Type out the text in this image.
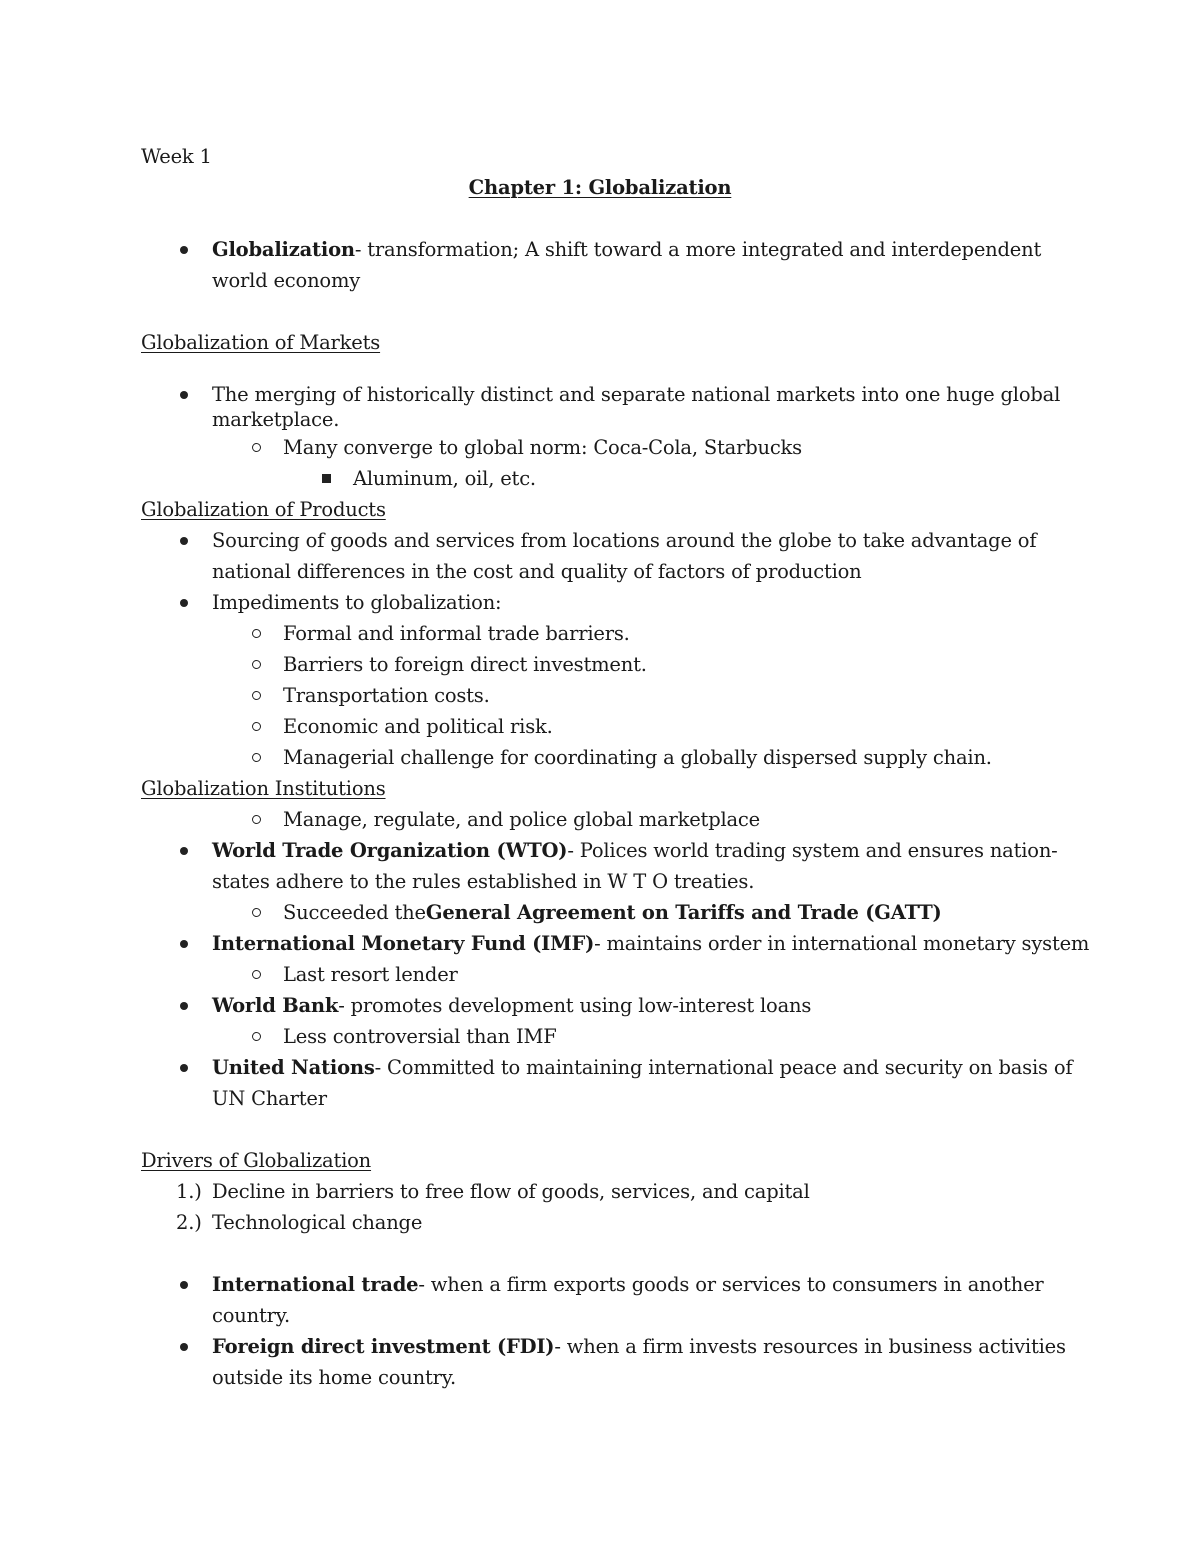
Week 1
Chapter 1: Globalization
Globalization- transformation; A shift toward a more integrated and interdependent
world economy
Globalization of Markets
The merging of historically distinct and separate national markets into one huge global
marketplace.
Many converge to global norm: Coca-Cola, Starbucks
Aluminum, oil, etc.
Globalization of Products
Sourcing of goods and services from locations around the globe to take advantage of
national differences in the cost and quality of factors of production
Impediments to globalization:
Formal and informal trade barriers.
Barriers to foreign direct investment.
Transportation costs.
Economic and political risk.
Managerial challenge for coordinating a globally dispersed supply chain.
Globalization Institutions
Manage, regulate, and police global marketplace
World Trade Organization (WTO)- Polices world trading system and ensures nation-
states adhere to the rules established in W T O treaties.
Succeeded theGeneral Agreement on Tariffs and Trade (GATT)
International Monetary Fund (IMF)- maintains order in international monetary system
Last resort lender
World Bank- promotes development using low-interest loans
Less controversial than IMF
United Nations- Committed to maintaining international peace and security on basis of
UN Charter
Drivers of Globalization
1.) Decline in barriers to free flow of goods, services, and capital
2.) Technological change
International trade- when a firm exports goods or services to consumers in another
country.
Foreign direct investment (FDI)- when a firm invests resources in business activities
outside its home country.
